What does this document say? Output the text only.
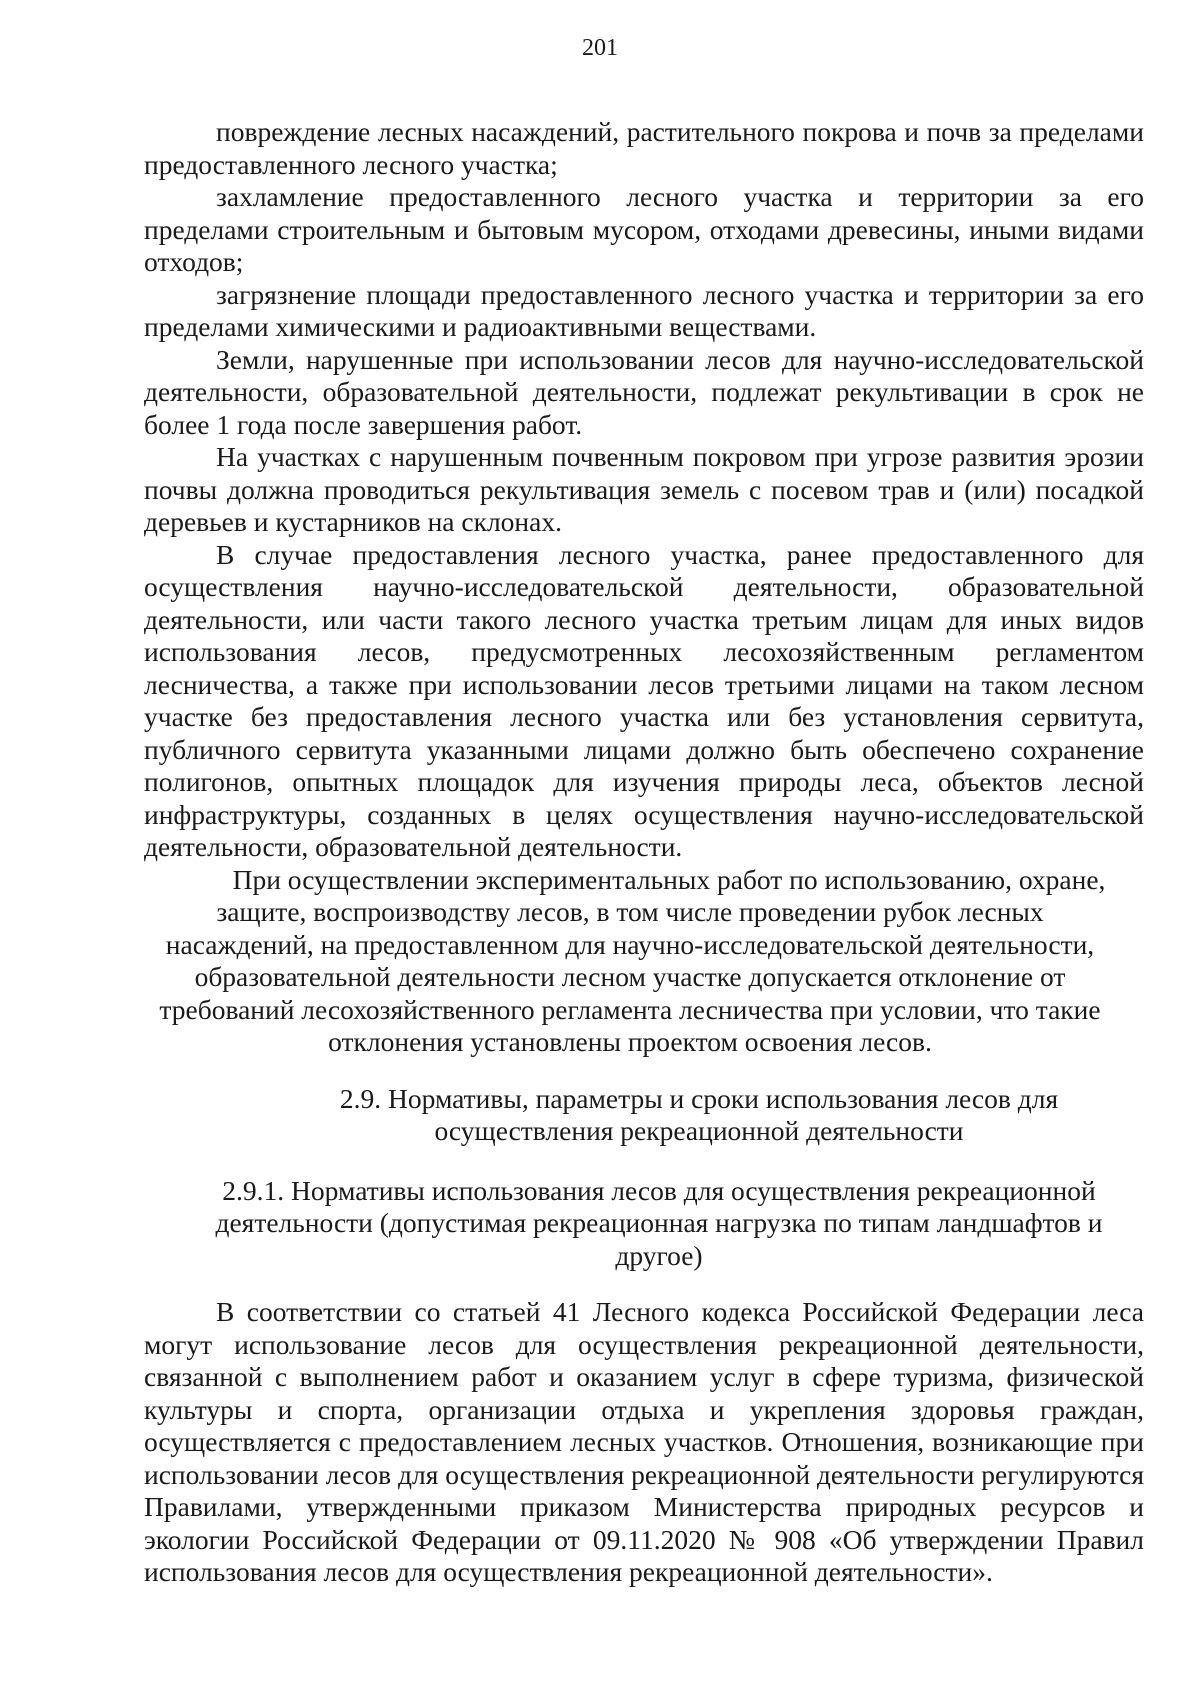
201

повреждение лесных насаждений, растительного покрова и почв за пределами предоставленного лесного участка;

захламление предоставленного лесного участка и территории за его пределами строительным и бытовым мусором, отходами древесины, иными видами отходов;

загрязнение площади предоставленного лесного участка и территории за его пределами химическими и радиоактивными веществами.

Земли, нарушенные при использовании лесов для научно-исследовательской деятельности, образовательной деятельности, подлежат рекультивации в срок не более 1 года после завершения работ.

На участках с нарушенным почвенным покровом при угрозе развития эрозии почвы должна проводиться рекультивация земель с посевом трав и (или) посадкой деревьев и кустарников на склонах.

В случае предоставления лесного участка, ранее предоставленного для осуществления научно-исследовательской деятельности, образовательной деятельности, или части такого лесного участка третьим лицам для иных видов использования лесов, предусмотренных лесохозяйственным регламентом лесничества, а также при использовании лесов третьими лицами на таком лесном участке без предоставления лесного участка или без установления сервитута, публичного сервитута указанными лицами должно быть обеспечено сохранение полигонов, опытных площадок для изучения природы леса, объектов лесной инфраструктуры, созданных в целях осуществления научно-исследовательской деятельности, образовательной деятельности.

При осуществлении экспериментальных работ по использованию, охране, защите, воспроизводству лесов, в том числе проведении рубок лесных насаждений, на предоставленном для научно-исследовательской деятельности, образовательной деятельности лесном участке допускается отклонение от требований лесохозяйственного регламента лесничества при условии, что такие отклонения установлены проектом освоения лесов.

2.9. Нормативы, параметры и сроки использования лесов для осуществления рекреационной деятельности

2.9.1. Нормативы использования лесов для осуществления рекреационной деятельности (допустимая рекреационная нагрузка по типам ландшафтов и другое)

В соответствии со статьей 41 Лесного кодекса Российской Федерации леса могут использование лесов для осуществления рекреационной деятельности, связанной с выполнением работ и оказанием услуг в сфере туризма, физической культуры и спорта, организации отдыха и укрепления здоровья граждан, осуществляется с предоставлением лесных участков. Отношения, возникающие при использовании лесов для осуществления рекреационной деятельности регулируются Правилами, утвержденными приказом Министерства природных ресурсов и экологии Российской Федерации от 09.11.2020 № 908 «Об утверждении Правил использования лесов для осуществления рекреационной деятельности».
